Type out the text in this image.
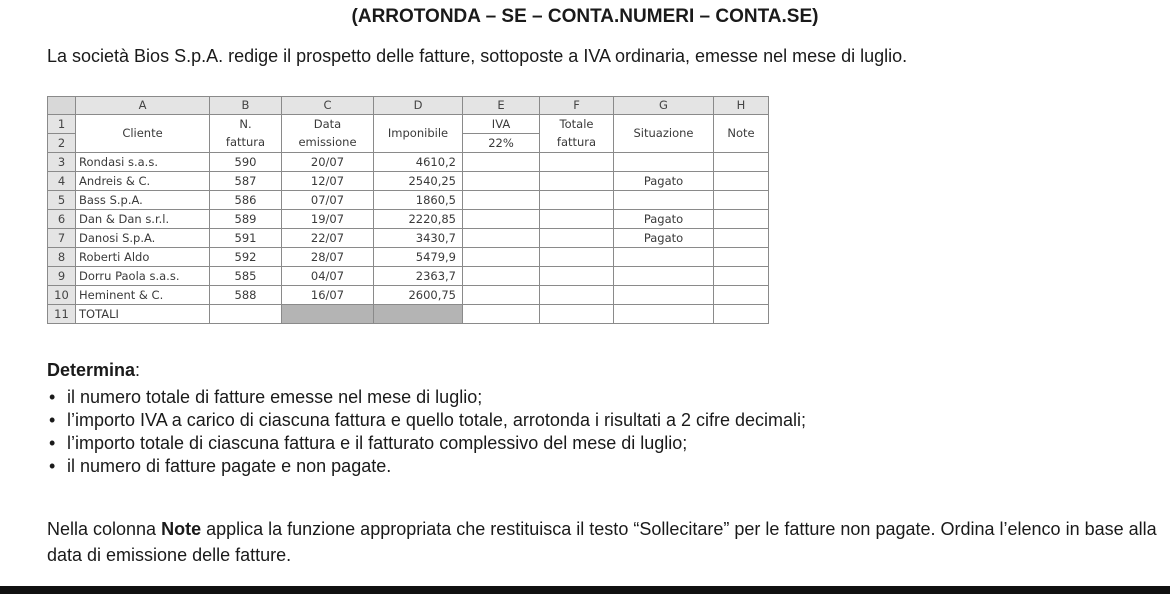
(ARROTONDA – SE – CONTA.NUMERI – CONTA.SE)
La società Bios S.p.A. redige il prospetto delle fatture, sottoposte a IVA ordinaria, emesse nel mese di luglio.
	A	B	C	D	E	F	G	H
1	Cliente	N.	Data	Imponibile	IVA	Totale	Situazione	Note
2		fattura	emissione		22%	fattura		
3	Rondasi s.a.s.	590	20/07	4610,2				
4	Andreis & C.	587	12/07	2540,25			Pagato	
5	Bass S.p.A.	586	07/07	1860,5				
6	Dan & Dan s.r.l.	589	19/07	2220,85			Pagato	
7	Danosi S.p.A.	591	22/07	3430,7			Pagato	
8	Roberti Aldo	592	28/07	5479,9				
9	Dorru Paola s.a.s.	585	04/07	2363,7				
10	Heminent & C.	588	16/07	2600,75				
11	TOTALI							
Determina:
• il numero totale di fatture emesse nel mese di luglio;
• l’importo IVA a carico di ciascuna fattura e quello totale, arrotonda i risultati a 2 cifre decimali;
• l’importo totale di ciascuna fattura e il fatturato complessivo del mese di luglio;
• il numero di fatture pagate e non pagate.
Nella colonna Note applica la funzione appropriata che restituisca il testo “Sollecitare” per le fatture non pagate. Ordina l’elenco in base alla data di emissione delle fatture.
